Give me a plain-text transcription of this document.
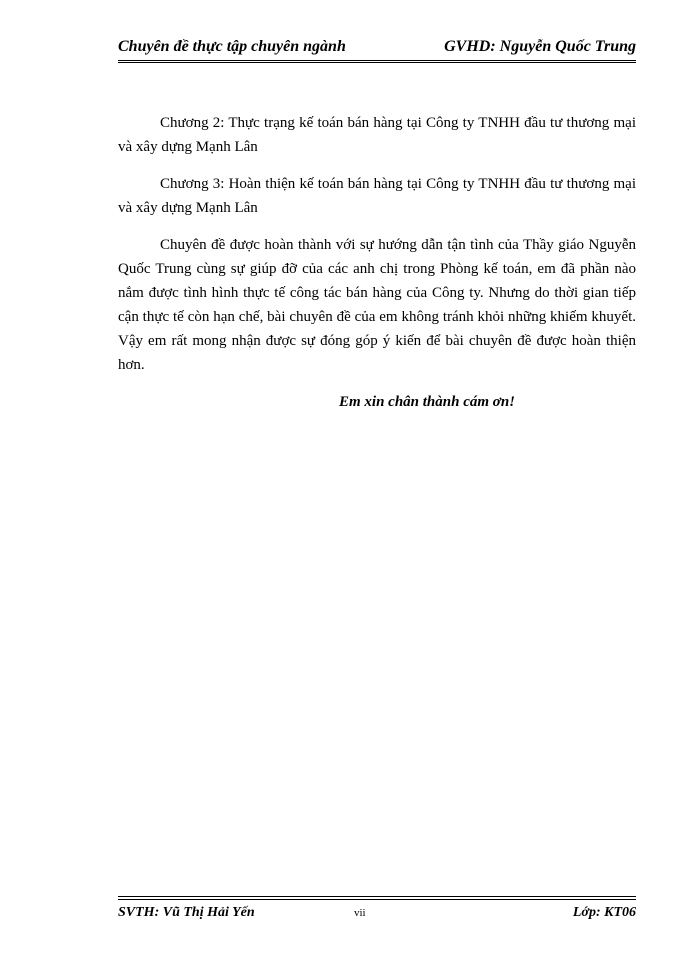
Chuyên đề thực tập chuyên ngành	GVHD: Nguyễn Quốc Trung

Chương 2: Thực trạng kế toán bán hàng tại Công ty TNHH đầu tư thương mại và xây dựng Mạnh Lân

Chương 3: Hoàn thiện kế toán bán hàng tại Công ty TNHH đầu tư thương mại và xây dựng Mạnh Lân

Chuyên đề được hoàn thành với sự hướng dẫn tận tình của Thầy giáo Nguyễn Quốc Trung cùng sự giúp đỡ của các anh chị trong Phòng kế toán, em đã phần nào nắm được tình hình thực tế công tác bán hàng của Công ty. Nhưng do thời gian tiếp cận thực tế còn hạn chế, bài chuyên đề của em không tránh khỏi những khiếm khuyết. Vậy em rất mong nhận được sự đóng góp ý kiến để bài chuyên đề được hoàn thiện hơn.

Em xin chân thành cám ơn!

SVTH: Vũ Thị Hải Yến	vii	Lớp: KT06
